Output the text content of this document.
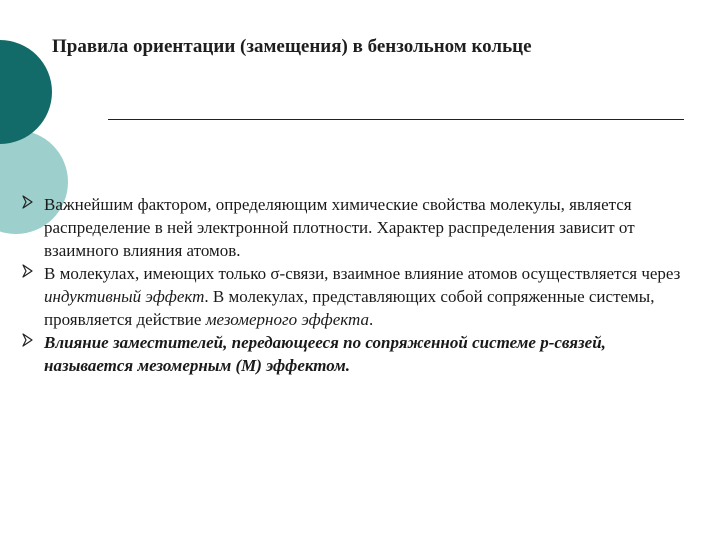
Правила ориентации (замещения) в бензольном кольце
Важнейшим фактором, определяющим химические свойства молекулы, является распределение в ней электронной плотности. Характер распределения зависит от взаимного влияния атомов.
В молекулах, имеющих только σ-связи, взаимное влияние атомов осуществляется через индуктивный эффект. В молекулах, представляющих собой сопряженные системы, проявляется действие мезомерного эффекта.
Влияние заместителей, передающееся по сопряженной системе р-связей, называется мезомерным (М) эффектом.
